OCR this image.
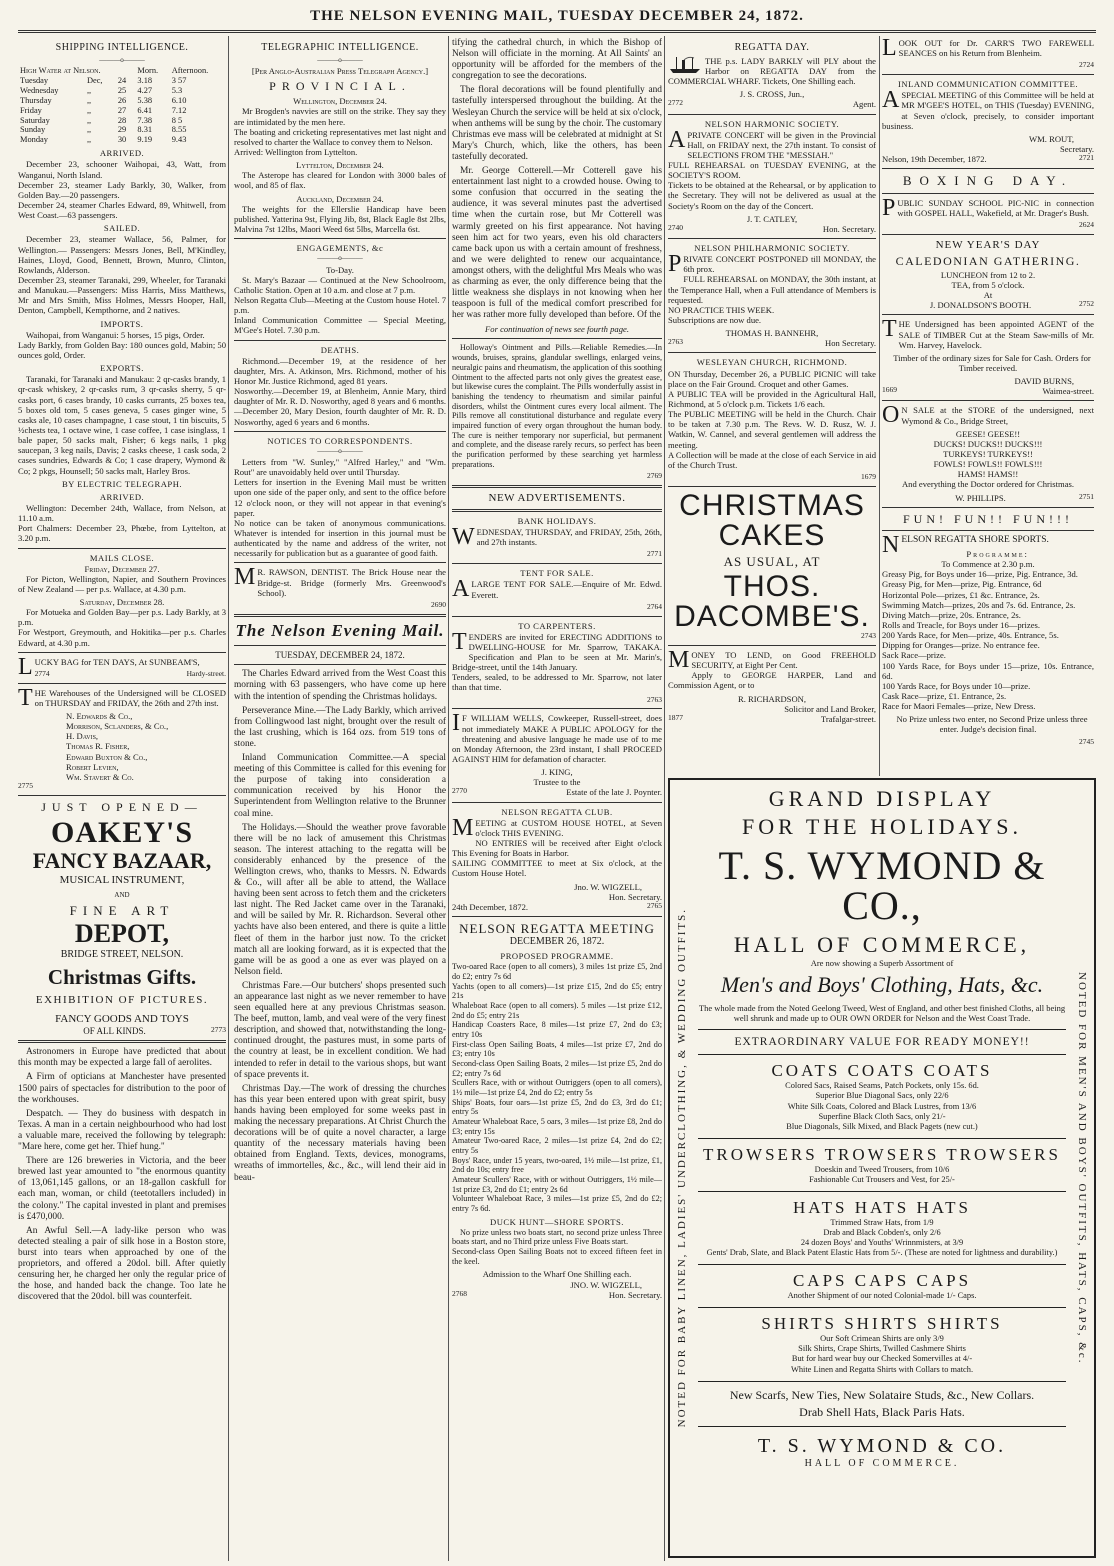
THE NELSON EVENING MAIL, TUESDAY DECEMBER 24, 1872.
SHIPPING INTELLIGENCE.
———o———
High Water at Nelson.			Morn.	Afternoon.
Tuesday	Dec,	24	3.18	3 57
Wednesday	,,	25	4.27	5.3
Thursday	,,	26	5.38	6.10
Friday	,,	27	6.41	7.12
Saturday	,,	28	7.38	8 5
Sunday	,,	29	8.31	8.55
Monday	,,	30	9.19	9.43
ARRIVED.

December 23, schooner Waihopai, 43, Watt, from Wanganui, North Island.
December 23, steamer Lady Barkly, 30, Walker, from Golden Bay.—20 passengers.
December 24, steamer Charles Edward, 89, Whitwell, from West Coast.—63 passengers.

SAILED.

December 23, steamer Wallace, 56, Palmer, for Wellington.— Passengers: Messrs Jones, Bell, M'Kindley, Haines, Lloyd, Good, Bennett, Brown, Munro, Clinton, Rowlands, Alderson.
December 23, steamer Taranaki, 299, Wheeler, for Taranaki and Manukau.—Passengers: Miss Harris, Miss Matthews, Mr and Mrs Smith, Miss Holmes, Messrs Hooper, Hall, Denton, Campbell, Kempthorne, and 2 natives.

IMPORTS.

Waihopai, from Wanganui: 5 horses, 15 pigs, Order.
Lady Barkly, from Golden Bay: 180 ounces gold, Mabin; 50 ounces gold, Order.

EXPORTS.

Taranaki, for Taranaki and Manukau: 2 qr-casks brandy, 1 qr-cask whiskey, 2 qr-casks rum, 3 qr-casks sherry, 5 qr-casks port, 6 cases brandy, 10 casks currants, 25 boxes tea, 5 boxes old tom, 5 cases geneva, 5 cases ginger wine, 5 casks ale, 10 cases champagne, 1 case stout, 1 tin biscuits, 5 ½chests tea, 1 octave wine, 1 case coffee, 1 case isinglass, 1 bale paper, 50 sacks malt, Fisher; 6 kegs nails, 1 pkg saucepan, 3 keg nails, Davis; 2 casks cheese, 1 cask soda, 2 cases sundries, Edwards & Co; 1 case drapery, Wymond & Co; 2 pkgs, Hounsell; 50 sacks malt, Harley Bros.

BY ELECTRIC TELEGRAPH.
ARRIVED.

Wellington: December 24th, Wallace, from Nelson, at 11.10 a.m.
Port Chalmers: December 23, Phœbe, from Lyttelton, at 3.20 p.m.

MAILS CLOSE.
Friday, December 27.

For Picton, Wellington, Napier, and Southern Provinces of New Zealand — per p.s. Wallace, at 4.30 p.m.

Saturday, December 28.

For Motueka and Golden Bay—per p.s. Lady Barkly, at 3 p.m.
For Westport, Greymouth, and Hokitika—per p.s. Charles Edward, at 4.30 p.m.

LUCKY BAG for TEN DAYS, At SUNBEAM'S,

2774	Hardy-street.

THE Warehouses of the Undersigned will be CLOSED on THURSDAY and FRIDAY, the 26th and 27th inst.

N. Edwards & Co.,
Morrison, Sclanders, & Co.,
H. Davis,
Thomas R. Fisher,
Edward Buxton & Co.,
Robert Levien,
Wm. Stavert & Co.
2775
JUST OPENED—
OAKEY'S
FANCY BAZAAR,
MUSICAL INSTRUMENT,
AND
FINE ART
DEPOT,
BRIDGE STREET, NELSON.
Christmas Gifts.
EXHIBITION OF PICTURES.
FANCY GOODS AND TOYS
OF ALL KINDS.	2773

Astronomers in Europe have predicted that about this month may be expected a large fall of aerolites.

A Firm of opticians at Manchester have presented 1500 pairs of spectacles for distribution to the poor of the workhouses.

Despatch. — They do business with despatch in Texas. A man in a certain neighbourhood who had lost a valuable mare, received the following by telegraph: "Mare here, come get her. Thief hung."

There are 126 breweries in Victoria, and the beer brewed last year amounted to "the enormous quantity of 13,061,145 gallons, or an 18-gallon caskfull for each man, woman, or child (teetotallers included) in the colony." The capital invested in plant and premises is £470,000.

An Awful Sell.—A lady-like person who was detected stealing a pair of silk hose in a Boston store, burst into tears when approached by one of the proprietors, and offered a 20dol. bill. After quietly censuring her, he charged her only the regular price of the hose, and handed back the change. Too late he discovered that the 20dol. bill was counterfeit.

TELEGRAPHIC INTELLIGENCE.
———o———
[Per Anglo-Australian Press Telegraph Agency.]
PROVINCIAL.
Wellington, December 24.

Mr Brogden's navvies are still on the strike. They say they are intimidated by the men here.
The boating and cricketing representatives met last night and resolved to charter the Wallace to convey them to Nelson.
Arrived: Wellington from Lyttelton.

Lyttelton, December 24.

The Asterope has cleared for London with 3000 bales of wool, and 85 of flax.

Auckland, December 24.

The weights for the Ellerslie Handicap have been published. Yatterina 9st, Flying Jib, 8st, Black Eagle 8st 2lbs, Malvina 7st 12lbs, Maori Weed 6st 5lbs, Marcella 6st.

ENGAGEMENTS, &c
———o———
To-Day.

St. Mary's Bazaar — Continued at the New Schoolroom, Catholic Station. Open at 10 a.m. and close at 7 p.m.
Nelson Regatta Club—Meeting at the Custom house Hotel. 7 p.m.
Inland Communication Committee — Special Meeting, M'Gee's Hotel. 7.30 p.m.

DEATHS.

Richmond.—December 19, at the residence of her daughter, Mrs. A. Atkinson, Mrs. Richmond, mother of his Honor Mr. Justice Richmond, aged 81 years.
Nosworthy.—December 19, at Blenheim, Annie Mary, third daughter of Mr. R. D. Nosworthy, aged 8 years and 6 months.—December 20, Mary Desion, fourth daughter of Mr. R. D. Nosworthy, aged 6 years and 6 months.

NOTICES TO CORRESPONDENTS.
———o———

Letters from "W. Sunley," "Alfred Harley," and "Wm. Rout" are unavoidably held over until Thursday.
Letters for insertion in the Evening Mail must be written upon one side of the paper only, and sent to the office before 12 o'clock noon, or they will not appear in that evening's paper.
No notice can be taken of anonymous communications. Whatever is intended for insertion in this journal must be authenticated by the name and address of the writer, not necessarily for publication but as a guarantee of good faith.

MR. RAWSON, DENTIST. The Brick House near the Bridge-st. Bridge (formerly Mrs. Greenwood's School).

2690
The Nelson Evening Mail.
TUESDAY, DECEMBER 24, 1872.

The Charles Edward arrived from the West Coast this morning with 63 passengers, who have come up here with the intention of spending the Christmas holidays.

Perseverance Mine.—The Lady Barkly, which arrived from Collingwood last night, brought over the result of the last crushing, which is 164 ozs. from 519 tons of stone.

Inland Communication Committee.—A special meeting of this Committee is called for this evening for the purpose of taking into consideration a communication received by his Honor the Superintendent from Wellington relative to the Brunner coal mine.

The Holidays.—Should the weather prove favorable there will be no lack of amusement this Christmas season. The interest attaching to the regatta will be considerably enhanced by the presence of the Wellington crews, who, thanks to Messrs. N. Edwards & Co., will after all be able to attend, the Wallace having been sent across to fetch them and the cricketers last night. The Red Jacket came over in the Taranaki, and will be sailed by Mr. R. Richardson. Several other yachts have also been entered, and there is quite a little fleet of them in the harbor just now. To the cricket match all are looking forward, as it is expected that the game will be as good a one as ever was played on a Nelson field.

Christmas Fare.—Our butchers' shops presented such an appearance last night as we never remember to have seen equalled here at any previous Christmas season. The beef, mutton, lamb, and veal were of the very finest description, and showed that, notwithstanding the long-continued drought, the pastures must, in some parts of the country at least, be in excellent condition. We had intended to refer in detail to the various shops, but want of space prevents it.

Christmas Day.—The work of dressing the churches has this year been entered upon with great spirit, busy hands having been employed for some weeks past in making the necessary preparations. At Christ Church the decorations will be of quite a novel character, a large quantity of the necessary materials having been obtained from England. Texts, devices, monograms, wreaths of immortelles, &c., &c., will lend their aid in beau-

tifying the cathedral church, in which the Bishop of Nelson will officiate in the morning. At All Saints' an opportunity will be afforded for the members of the congregation to see the decorations.

The floral decorations will be found plentifully and tastefully interspersed throughout the building. At the Wesleyan Church the service will be held at six o'clock, when anthems will be sung by the choir. The customary Christmas eve mass will be celebrated at midnight at St Mary's Church, which, like the others, has been tastefully decorated.

Mr. George Cotterell.—Mr Cotterell gave his entertainment last night to a crowded house. Owing to some confusion that occurred in the seating the audience, it was several minutes past the advertised time when the curtain rose, but Mr Cotterell was warmly greeted on his first appearance. Not having seen him act for two years, even his old characters came back upon us with a certain amount of freshness, and we were delighted to renew our acquaintance, amongst others, with the delightful Mrs Meals who was as charming as ever, the only difference being that the little weakness she displays in not knowing when her teaspoon is full of the medical comfort prescribed for her was rather more fully developed than before. Of the

For continuation of news see fourth page.

Holloway's Ointment and Pills.—Reliable Remedies.—In wounds, bruises, sprains, glandular swellings, enlarged veins, neuralgic pains and rheumatism, the application of this soothing Ointment to the affected parts not only gives the greatest ease, but likewise cures the complaint. The Pills wonderfully assist in banishing the tendency to rheumatism and similar painful disorders, whilst the Ointment cures every local ailment. The Pills remove all constitutional disturbance and regulate every impaired function of every organ throughout the human body. The cure is neither temporary nor superficial, but permanent and complete, and the disease rarely recurs, so perfect has been the purification performed by these searching yet harmless preparations.

2769
NEW ADVERTISEMENTS.
BANK HOLIDAYS.

WEDNESDAY, THURSDAY, and FRIDAY, 25th, 26th, and 27th instants.

2771
TENT FOR SALE.

ALARGE TENT FOR SALE.—Enquire of Mr. Edwd. Everett.

2764
TO CARPENTERS.

TENDERS are invited for ERECTING ADDITIONS to DWELLING-HOUSE for Mr. Sparrow, TAKAKA. Specification and Plan to be seen at Mr. Marin's, Bridge-street, until the 14th January.
Tenders, sealed, to be addressed to Mr. Sparrow, not later than that time.

2763

IF WILLIAM WELLS, Cowkeeper, Russell-street, does not immediately MAKE A PUBLIC APOLOGY for the threatening and abusive language he made use of to me on Monday Afternoon, the 23rd instant, I shall PROCEED AGAINST HIM for defamation of character.

J. KING,
Trustee to the
2770	Estate of the late J. Poynter.
NELSON REGATTA CLUB.

MEETING at CUSTOM HOUSE HOTEL, at Seven o'clock THIS EVENING.
NO ENTRIES will be received after Eight o'clock This Evening for Boats in Harbor.
SAILING COMMITTEE to meet at Six o'clock, at the Custom House Hotel.

Jno. W. WIGZELL,
Hon. Secretary.
24th December, 1872.	2765
NELSON REGATTA MEETING
DECEMBER 26, 1872.
PROPOSED PROGRAMME.

Two-oared Race (open to all comers), 3 miles 1st prize £5, 2nd do £2; entry 7s 6d
Yachts (open to all comers)—1st prize £15, 2nd do £5; entry 21s
Whaleboat Race (open to all comers). 5 miles —1st prize £12, 2nd do £5; entry 21s
Handicap Coasters Race, 8 miles—1st prize £7, 2nd do £3; entry 10s
First-class Open Sailing Boats, 4 miles—1st prize £7, 2nd do £3; entry 10s
Second-class Open Sailing Boats, 2 miles—1st prize £5, 2nd do £2; entry 7s 6d
Scullers Race, with or without Outriggers (open to all comers), 1½ mile—1st prize £4, 2nd do £2; entry 5s
Ships' Boats, four oars—1st prize £5, 2nd do £3, 3rd do £1; entry 5s
Amateur Whaleboat Race, 5 oars, 3 miles—1st prize £8, 2nd do £3; entry 15s
Amateur Two-oared Race, 2 miles—1st prize £4, 2nd do £2; entry 5s
Boys' Race, under 15 years, two-oared, 1½ mile—1st prize, £1, 2nd do 10s; entry free
Amateur Scullers' Race, with or without Outriggers, 1½ mile—1st prize £3, 2nd do £1; entry 2s 6d
Volunteer Whaleboat Race, 3 miles—1st prize £5, 2nd do £2; entry 7s 6d.

DUCK HUNT—SHORE SPORTS.

No prize unless two boats start, no second prize unless Three boats start, and no Third prize unless Five Boats start.
Second-class Open Sailing Boats not to exceed fifteen feet in the keel.

Admission to the Wharf One Shilling each.
JNO. W. WIGZELL,
2768	Hon. Secretary.
REGATTA DAY.

THE p.s. LADY BARKLY will PLY about the Harbor on REGATTA DAY from the COMMERCIAL WHARF. Tickets, One Shilling each.

J. S. CROSS, Jun.,
2772	Agent.
NELSON HARMONIC SOCIETY.

APRIVATE CONCERT will be given in the Provincial Hall, on FRIDAY next, the 27th instant. To consist of SELECTIONS FROM THE "MESSIAH."
FULL REHEARSAL on TUESDAY EVENING, at the SOCIETY'S ROOM.
Tickets to be obtained at the Rehearsal, or by application to the Secretary. They will not be delivered as usual at the Society's Room on the day of the Concert.

J. T. CATLEY,
2740	Hon. Secretary.
NELSON PHILHARMONIC SOCIETY.

PRIVATE CONCERT POSTPONED till MONDAY, the 6th prox.
FULL REHEARSAL on MONDAY, the 30th instant, at the Temperance Hall, when a Full attendance of Members is requested.
NO PRACTICE THIS WEEK.
Subscriptions are now due.

THOMAS H. BANNEHR,
2763	Hon Secretary.
WESLEYAN CHURCH, RICHMOND.

ON Thursday, December 26, a PUBLIC PICNIC will take place on the Fair Ground. Croquet and other Games.
A PUBLIC TEA will be provided in the Agricultural Hall, Richmond, at 5 o'clock p.m. Tickets 1/6 each.
The PUBLIC MEETING will be held in the Church. Chair to be taken at 7.30 p.m. The Revs. W. D. Rusz, W. J. Watkin, W. Cannel, and several gentlemen will address the meeting.
A Collection will be made at the close of each Service in aid of the Church Trust.

1679
CHRISTMAS CAKES
AS USUAL, AT
THOS. DACOMBE'S.
2743

MONEY TO LEND, on Good FREEHOLD SECURITY, at Eight Per Cent.
Apply to GEORGE HARPER, Land and Commission Agent, or to

R. RICHARDSON,
Solicitor and Land Broker,
1877	Trafalgar-street.

LOOK OUT for Dr. CARR'S TWO FAREWELL SEANCES on his Return from Blenheim.

2724
INLAND COMMUNICATION COMMITTEE.

ASPECIAL MEETING of this Committee will be held at MR M'GEE'S HOTEL, on THIS (Tuesday) EVENING, at Seven o'clock, precisely, to consider important business.

WM. ROUT,
Secretary.
Nelson, 19th December, 1872.	2721
BOXING DAY.

PUBLIC SUNDAY SCHOOL PIC-NIC in connection with GOSPEL HALL, Wakefield, at Mr. Drager's Bush.

2624
NEW YEAR'S DAY
CALEDONIAN GATHERING.
LUNCHEON from 12 to 2.
TEA, from 5 o'clock.
At
J. DONALDSON'S BOOTH.	2752

THE Undersigned has been appointed AGENT of the SALE of TIMBER Cut at the Steam Saw-mills of Mr. Wm. Harvey, Havelock.

Timber of the ordinary sizes for Sale for Cash. Orders for Timber received.

DAVID BURNS,
1669	Waimea-street.

ON SALE at the STORE of the undersigned, next Wymond & Co., Bridge Street,

GEESE! GEESE!!
DUCKS! DUCKS!! DUCKS!!!
TURKEYS! TURKEYS!!
FOWLS! FOWLS!! FOWLS!!!
HAMS! HAMS!!
And everything the Doctor ordered for Christmas.
W. PHILLIPS.	2751
FUN! FUN!! FUN!!!

NELSON REGATTA SHORE SPORTS.

Programme:
To Commence at 2.30 p.m.

Greasy Pig, for Boys under 16—prize, Pig. Entrance, 3d.
Greasy Pig, for Men—prize, Pig. Entrance, 6d
Horizontal Pole—prizes, £1 &c. Entrance, 2s.
Swimming Match—prizes, 20s and 7s. 6d. Entrance, 2s.
Diving Match—prize, 20s. Entrance, 2s.
Rolls and Treacle, for Boys under 16—prizes.
200 Yards Race, for Men—prize, 40s. Entrance, 5s.
Dipping for Oranges—prize. No entrance fee.
Sack Race—prize.
100 Yards Race, for Boys under 15—prize, 10s. Entrance, 6d.
100 Yards Race, for Boys under 10—prize.
Cask Race—prize, £1. Entrance, 2s.
Race for Maori Females—prize, New Dress.

No Prize unless two enter, no Second Prize unless three enter. Judge's decision final.

2745
NOTED FOR BABY LINEN, LADIES' UNDERCLOTHING, & WEDDING OUTFITS.	NOTED FOR MEN'S AND BOYS' OUTFITS, HATS, CAPS, &c.
GRAND DISPLAY
FOR THE HOLIDAYS.
T. S. WYMOND & CO.,
HALL OF COMMERCE,
Are now showing a Superb Assortment of
Men's and Boys' Clothing, Hats, &c.
The whole made from the Noted Geelong Tweed, West of England, and other best finished Cloths, all being well shrunk and made up to OUR OWN ORDER for Nelson and the West Coast Trade.
EXTRAORDINARY VALUE FOR READY MONEY!!
COATS COATS COATS
Colored Sacs, Raised Seams, Patch Pockets, only 15s. 6d.
Superior Blue Diagonal Sacs, only 22/6
White Silk Coats, Colored and Black Lustres, from 13/6
Superfine Black Cloth Sacs, only 21/-
Blue Diagonals, Silk Mixed, and Black Pagets (new cut.)
TROWSERS TROWSERS TROWSERS
Doeskin and Tweed Trousers, from 10/6
Fashionable Cut Trousers and Vest, for 25/-
HATS HATS HATS
Trimmed Straw Hats, from 1/9
Drab and Black Cobden's, only 2/6
24 dozen Boys' and Youths' Wrinnmisters, at 3/9
Gents' Drab, Slate, and Black Patent Elastic Hats from 5/-. (These are noted for lightness and durability.)
CAPS CAPS CAPS
Another Shipment of our noted Colonial-made 1/- Caps.
SHIRTS SHIRTS SHIRTS
Our Soft Crimean Shirts are only 3/9
Silk Shirts, Crape Shirts, Twilled Cashmere Shirts
But for hard wear buy our Checked Somervilles at 4/-
White Linen and Regatta Shirts with Collars to match.
New Scarfs, New Ties, New Solataire Studs, &c., New Collars.
Drab Shell Hats, Black Paris Hats.
T. S. WYMOND & CO.
HALL OF COMMERCE.
